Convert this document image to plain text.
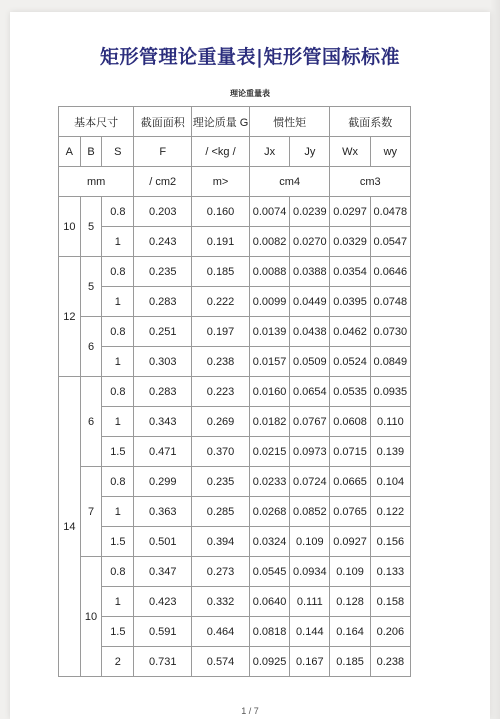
矩形管理论重量表|矩形管国标标准
理论重量表
基本尺寸			截面面积	理论质量 G	惯性矩		截面系数	
A	B	S	F	/ <kg /	Jx	Jy	Wx	wy
mm			/ cm2	m>	cm4		cm3	
10	5	0.8	0.203	0.160	0.0074	0.0239	0.0297	0.0478
		1	0.243	0.191	0.0082	0.0270	0.0329	0.0547
12	5	0.8	0.235	0.185	0.0088	0.0388	0.0354	0.0646
		1	0.283	0.222	0.0099	0.0449	0.0395	0.0748
	6	0.8	0.251	0.197	0.0139	0.0438	0.0462	0.0730
		1	0.303	0.238	0.0157	0.0509	0.0524	0.0849
14	6	0.8	0.283	0.223	0.0160	0.0654	0.0535	0.0935
		1	0.343	0.269	0.0182	0.0767	0.0608	0.110
		1.5	0.471	0.370	0.0215	0.0973	0.0715	0.139
	7	0.8	0.299	0.235	0.0233	0.0724	0.0665	0.104
		1	0.363	0.285	0.0268	0.0852	0.0765	0.122
		1.5	0.501	0.394	0.0324	0.109	0.0927	0.156
	10	0.8	0.347	0.273	0.0545	0.0934	0.109	0.133
		1	0.423	0.332	0.0640	0.111	0.128	0.158
		1.5	0.591	0.464	0.0818	0.144	0.164	0.206
		2	0.731	0.574	0.0925	0.167	0.185	0.238
1 / 7
